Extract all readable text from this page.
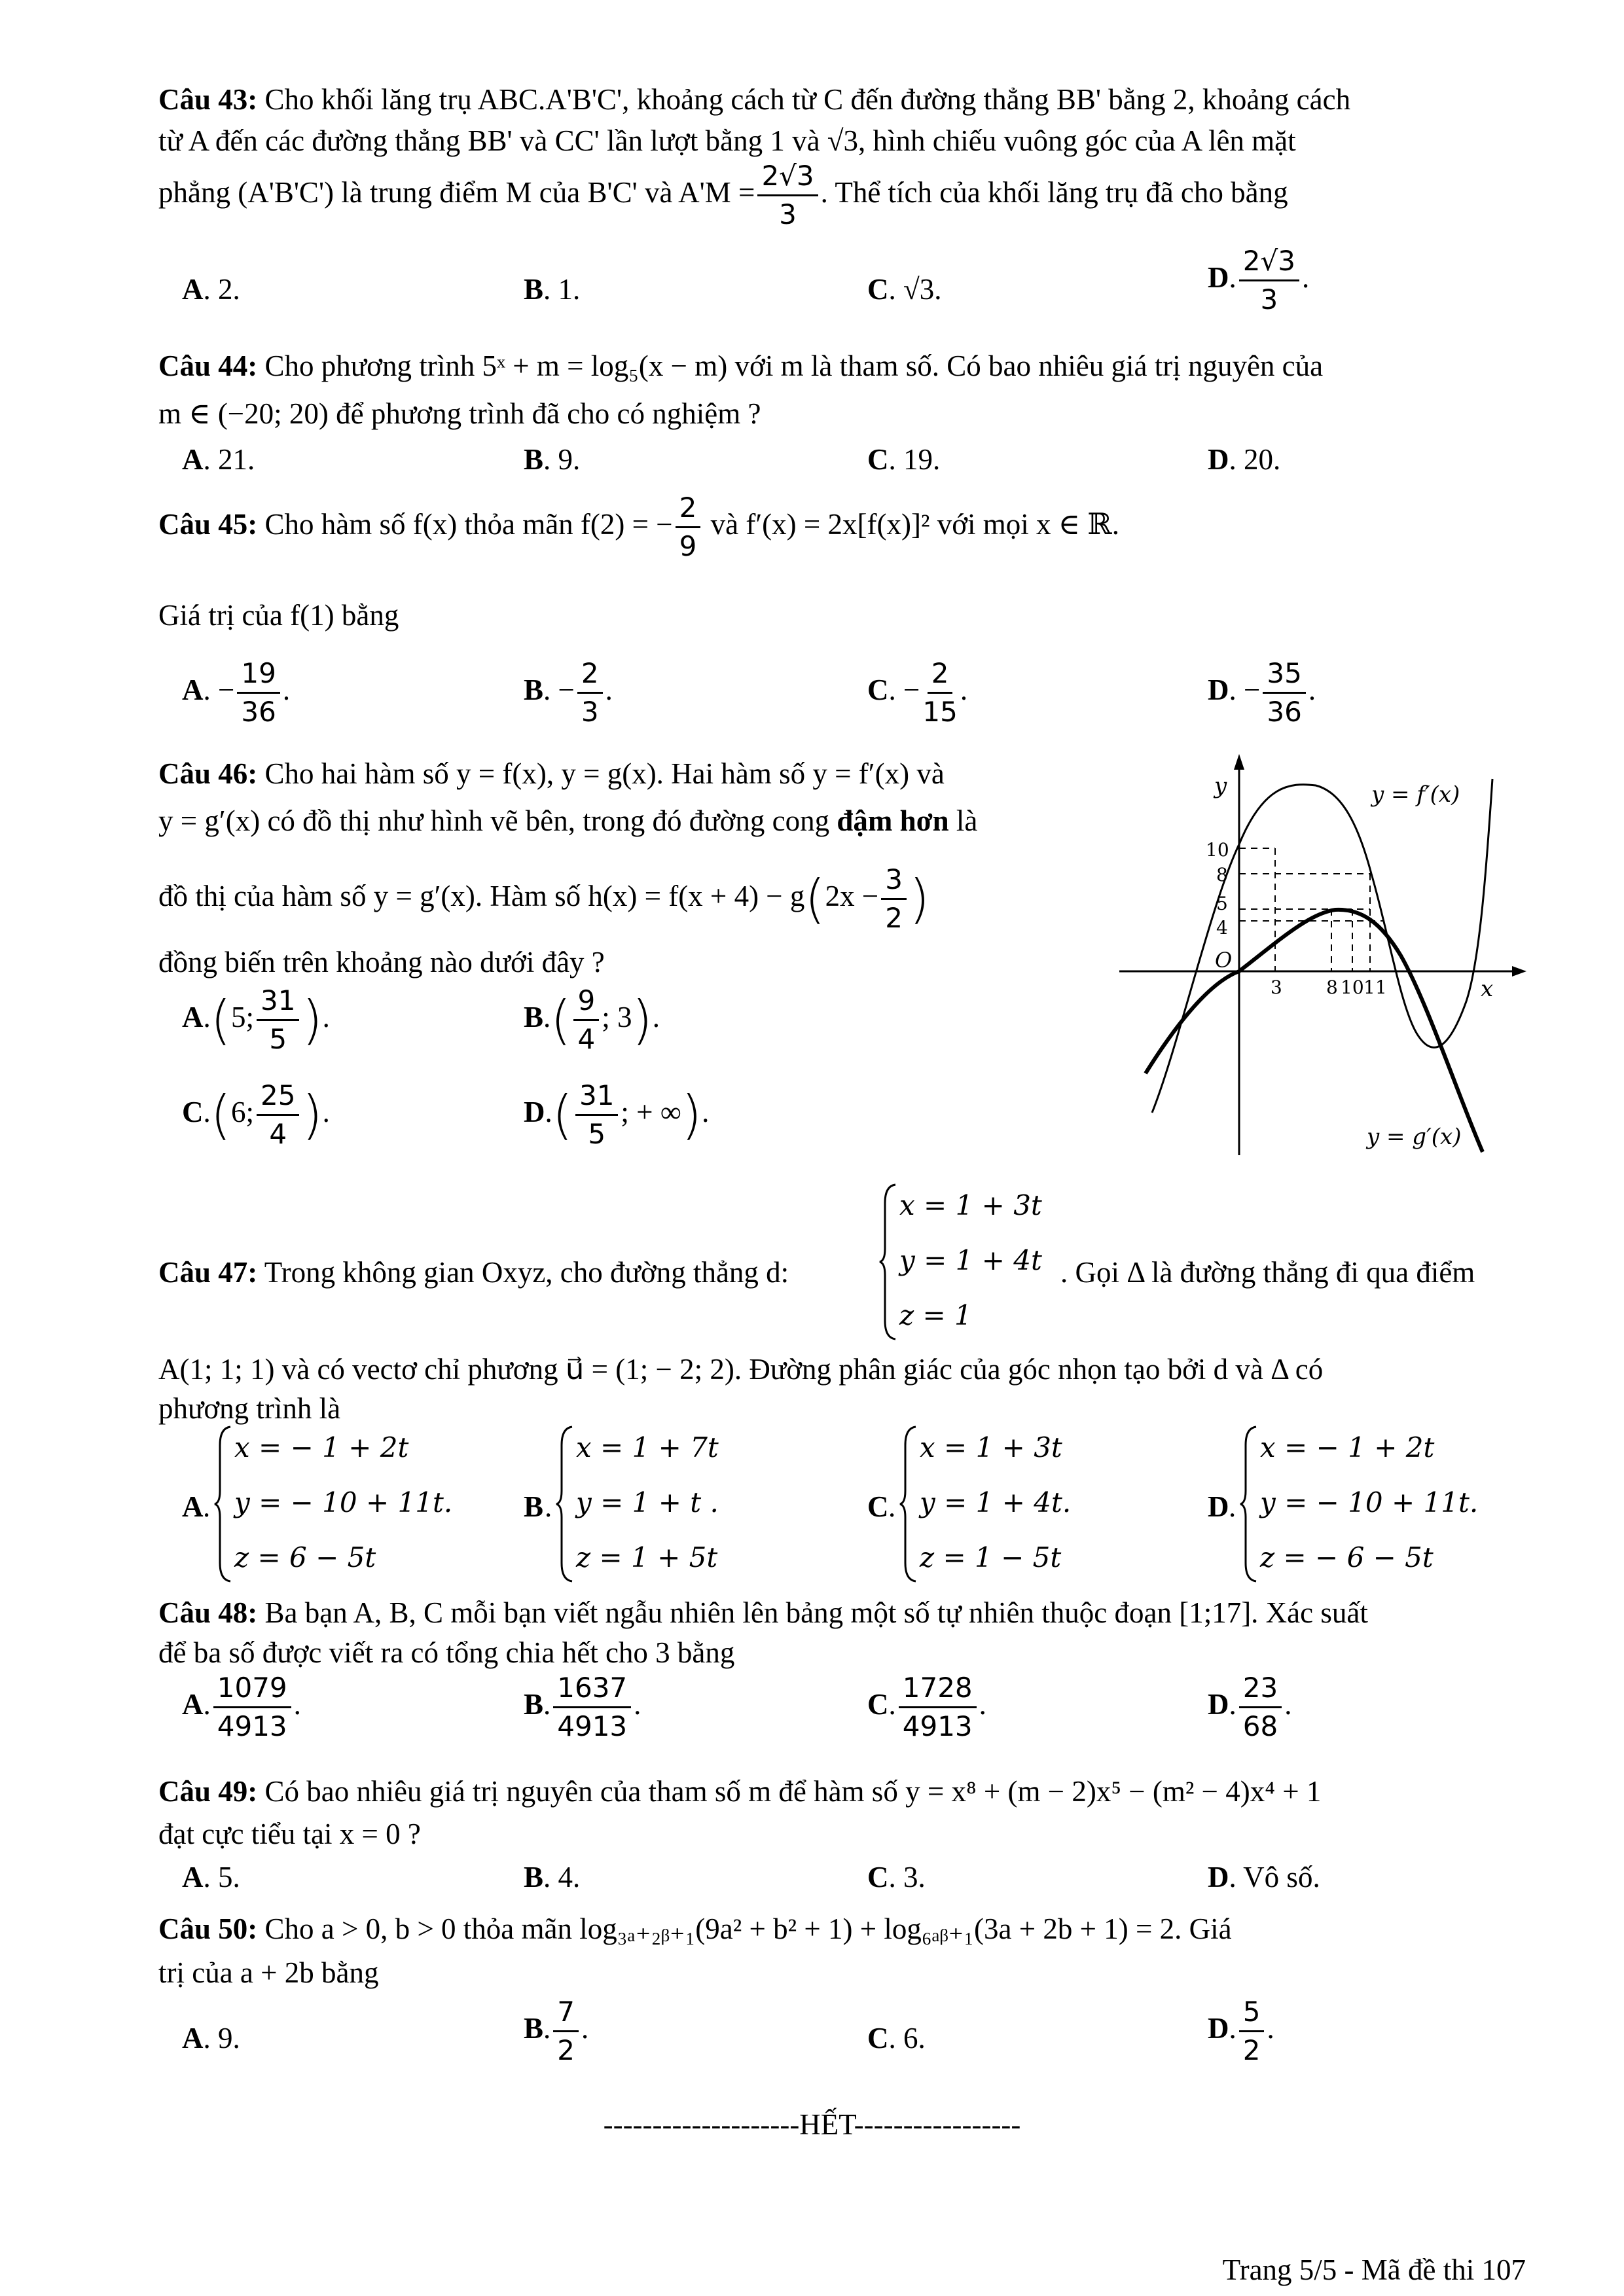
Câu 43: Cho khối lăng trụ ABC.A'B'C', khoảng cách từ C đến đường thẳng BB' bằng 2, khoảng cách
từ A đến các đường thẳng BB' và CC' lần lượt bằng 1 và √3, hình chiếu vuông góc của A lên mặt
phẳng (A'B'C') là trung điểm M của B'C' và $A'M = \frac{2√3}{3}$ . Thể tích của khối lăng trụ đã cho bằng
A. 2.	B. 1.	C. √3.	D. $\frac{2√3}{3}$ .
Câu 44: Cho phương trình 5ˣ + m = log₅(x − m) với m là tham số. Có bao nhiêu giá trị nguyên của
m ∈ (−20; 20) để phương trình đã cho có nghiệm ?
A. 21.	B. 9.	C. 19.	D. 20.
Câu 45: Cho hàm số f(x) thỏa mãn f(2) = − $\frac{2}{9}$ và f′(x) = 2x[f(x)]² với mọi x ∈ ℝ.
Giá trị của f(1) bằng
A. − $\frac{19}{36}$ .	B. − $\frac{2}{3}$ .	C. − $\frac{2}{15}$ .	D. − $\frac{35}{36}$ .
Câu 46: Cho hai hàm số y = f(x), y = g(x). Hai hàm số y = f′(x) và
y = g′(x) có đồ thị như hình vẽ bên, trong đó đường cong đậm hơn là
đồ thị của hàm số y = g′(x). Hàm số $h(x) = f(x + 4) - g(2x - \frac{3}{2}$ )
đồng biến trên khoảng nào dưới đây ?
A.(5; $\frac{31}{5}$ ).	$B.( \frac{9}{4}$ ; 3).
C.(6; $\frac{25}{4}$ ).	$D.( \frac{31}{5}$ ; + ∞).
y
x
O
y = f′(x)
y = g′(x)
10
8
5
4
3 8 10 11
Câu 47: Trong không gian Oxyz, cho đường thẳng d:
x = 1 + 3t
y = 1 + 4t
z = 1
. Gọi Δ là đường thẳng đi qua điểm
A(1; 1; 1) và có vectơ chỉ phương u⃗ = (1; − 2; 2). Đường phân giác của góc nhọn tạo bởi d và Δ có
phương trình là
A .
x = − 1 + 2t
y = − 10 + 11t.
z = 6 − 5t
B .
x = 1 + 7t
y = 1 + t .
z = 1 + 5t
C .
x = 1 + 3t
y = 1 + 4t.
z = 1 − 5t
D .
x = − 1 + 2t
y = − 10 + 11t.
z = − 6 − 5t
Câu 48: Ba bạn A, B, C mỗi bạn viết ngẫu nhiên lên bảng một số tự nhiên thuộc đoạn [1;17]. Xác suất
để ba số được viết ra có tổng chia hết cho 3 bằng
A. $\frac{1079}{4913}$ .	B. $\frac{1637}{4913}$ .	C. $\frac{1728}{4913}$ .	D. $\frac{23}{68}$ .
Câu 49: Có bao nhiêu giá trị nguyên của tham số m để hàm số y = x⁸ + (m − 2)x⁵ − (m² − 4)x⁴ + 1
đạt cực tiểu tại x = 0 ?
A. 5.	B. 4.	C. 3.	D. Vô số.
Câu 50: Cho a > 0, b > 0 thỏa mãn log₃ₐ₊₂ᵦ₊₁(9a² + b² + 1) + log₆ₐᵦ₊₁(3a + 2b + 1) = 2. Giá
trị của a + 2b bằng
A. 9.	B. $\frac{7}{2}$ .	C. 6.	D. $\frac{5}{2}$ .
--------------------HẾT-----------------
Trang 5/5 - Mã đề thi 107
